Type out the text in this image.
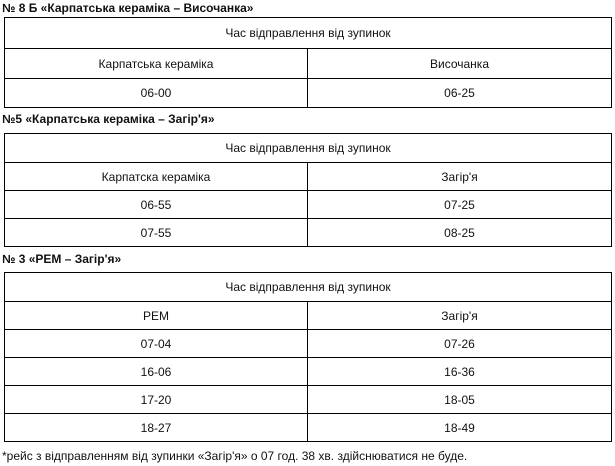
№ 8 Б «Карпатська кераміка – Височанка»
Час відправлення від зупинок	
Карпатська кераміка	Височанка
06-00	06-25
№5 «Карпатська кераміка – Загір'я»
Час відправлення від зупинок	
Карпатска кераміка	Загір'я
06-55	07-25
07-55	08-25
№ 3 «РЕМ – Загір'я»
Час відправлення від зупинок	
РЕМ	Загір'я
07-04	07-26
16-06	16-36
17-20	18-05
18-27	18-49
*рейс з відправленням від зупинки «Загір'я» о 07 год. 38 хв. здійснюватися не буде.
